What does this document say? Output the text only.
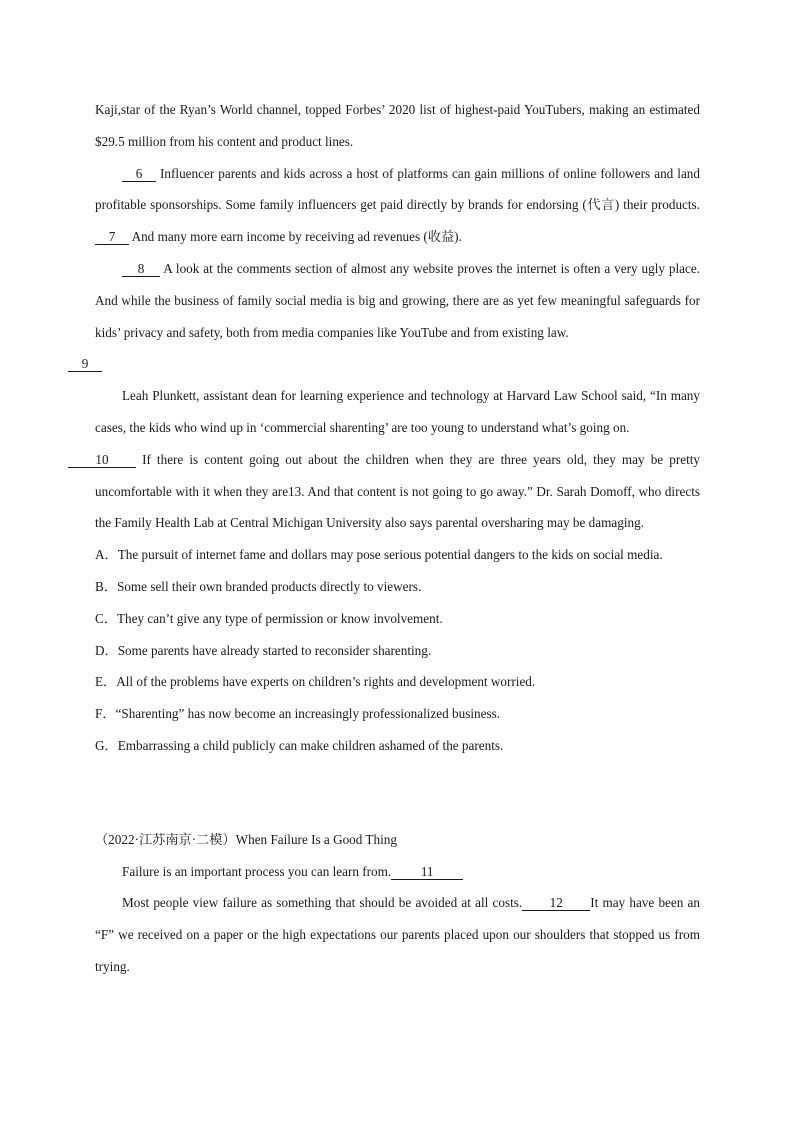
Kaji,star of the Ryan’s World channel, topped Forbes’ 2020 list of highest-paid YouTubers, making an estimated $29.5 million from his content and product lines.

6 Influencer parents and kids across a host of platforms can gain millions of online followers and land profitable sponsorships. Some family influencers get paid directly by brands for endorsing (代言) their products. 7 And many more earn income by receiving ad revenues (收益).

8 A look at the comments section of almost any website proves the internet is often a very ugly place. And while the business of family social media is big and growing, there are as yet few meaningful safeguards for kids’ privacy and safety, both from media companies like YouTube and from existing law.
9

Leah Plunkett, assistant dean for learning experience and technology at Harvard Law School said, “In many cases, the kids who wind up in ‘commercial sharenting’ are too young to understand what’s going on.
10 If there is content going out about the children when they are three years old, they may be pretty uncomfortable with it when they are13. And that content is not going to go away.” Dr. Sarah Domoff, who directs the Family Health Lab at Central Michigan University also says parental oversharing may be damaging.

A．The pursuit of internet fame and dollars may pose serious potential dangers to the kids on social media.

B．Some sell their own branded products directly to viewers.

C．They can’t give any type of permission or know involvement.

D．Some parents have already started to reconsider sharenting.

E．All of the problems have experts on children’s rights and development worried.

F．“Sharenting” has now become an increasingly professionalized business.

G．Embarrassing a child publicly can make children ashamed of the parents.

（2022·江苏南京·二模）When Failure Is a Good Thing

Failure is an important process you can learn from. 11

Most people view failure as something that should be avoided at all costs. 12 It may have been an “F” we received on a paper or the high expectations our parents placed upon our shoulders that stopped us from trying.
